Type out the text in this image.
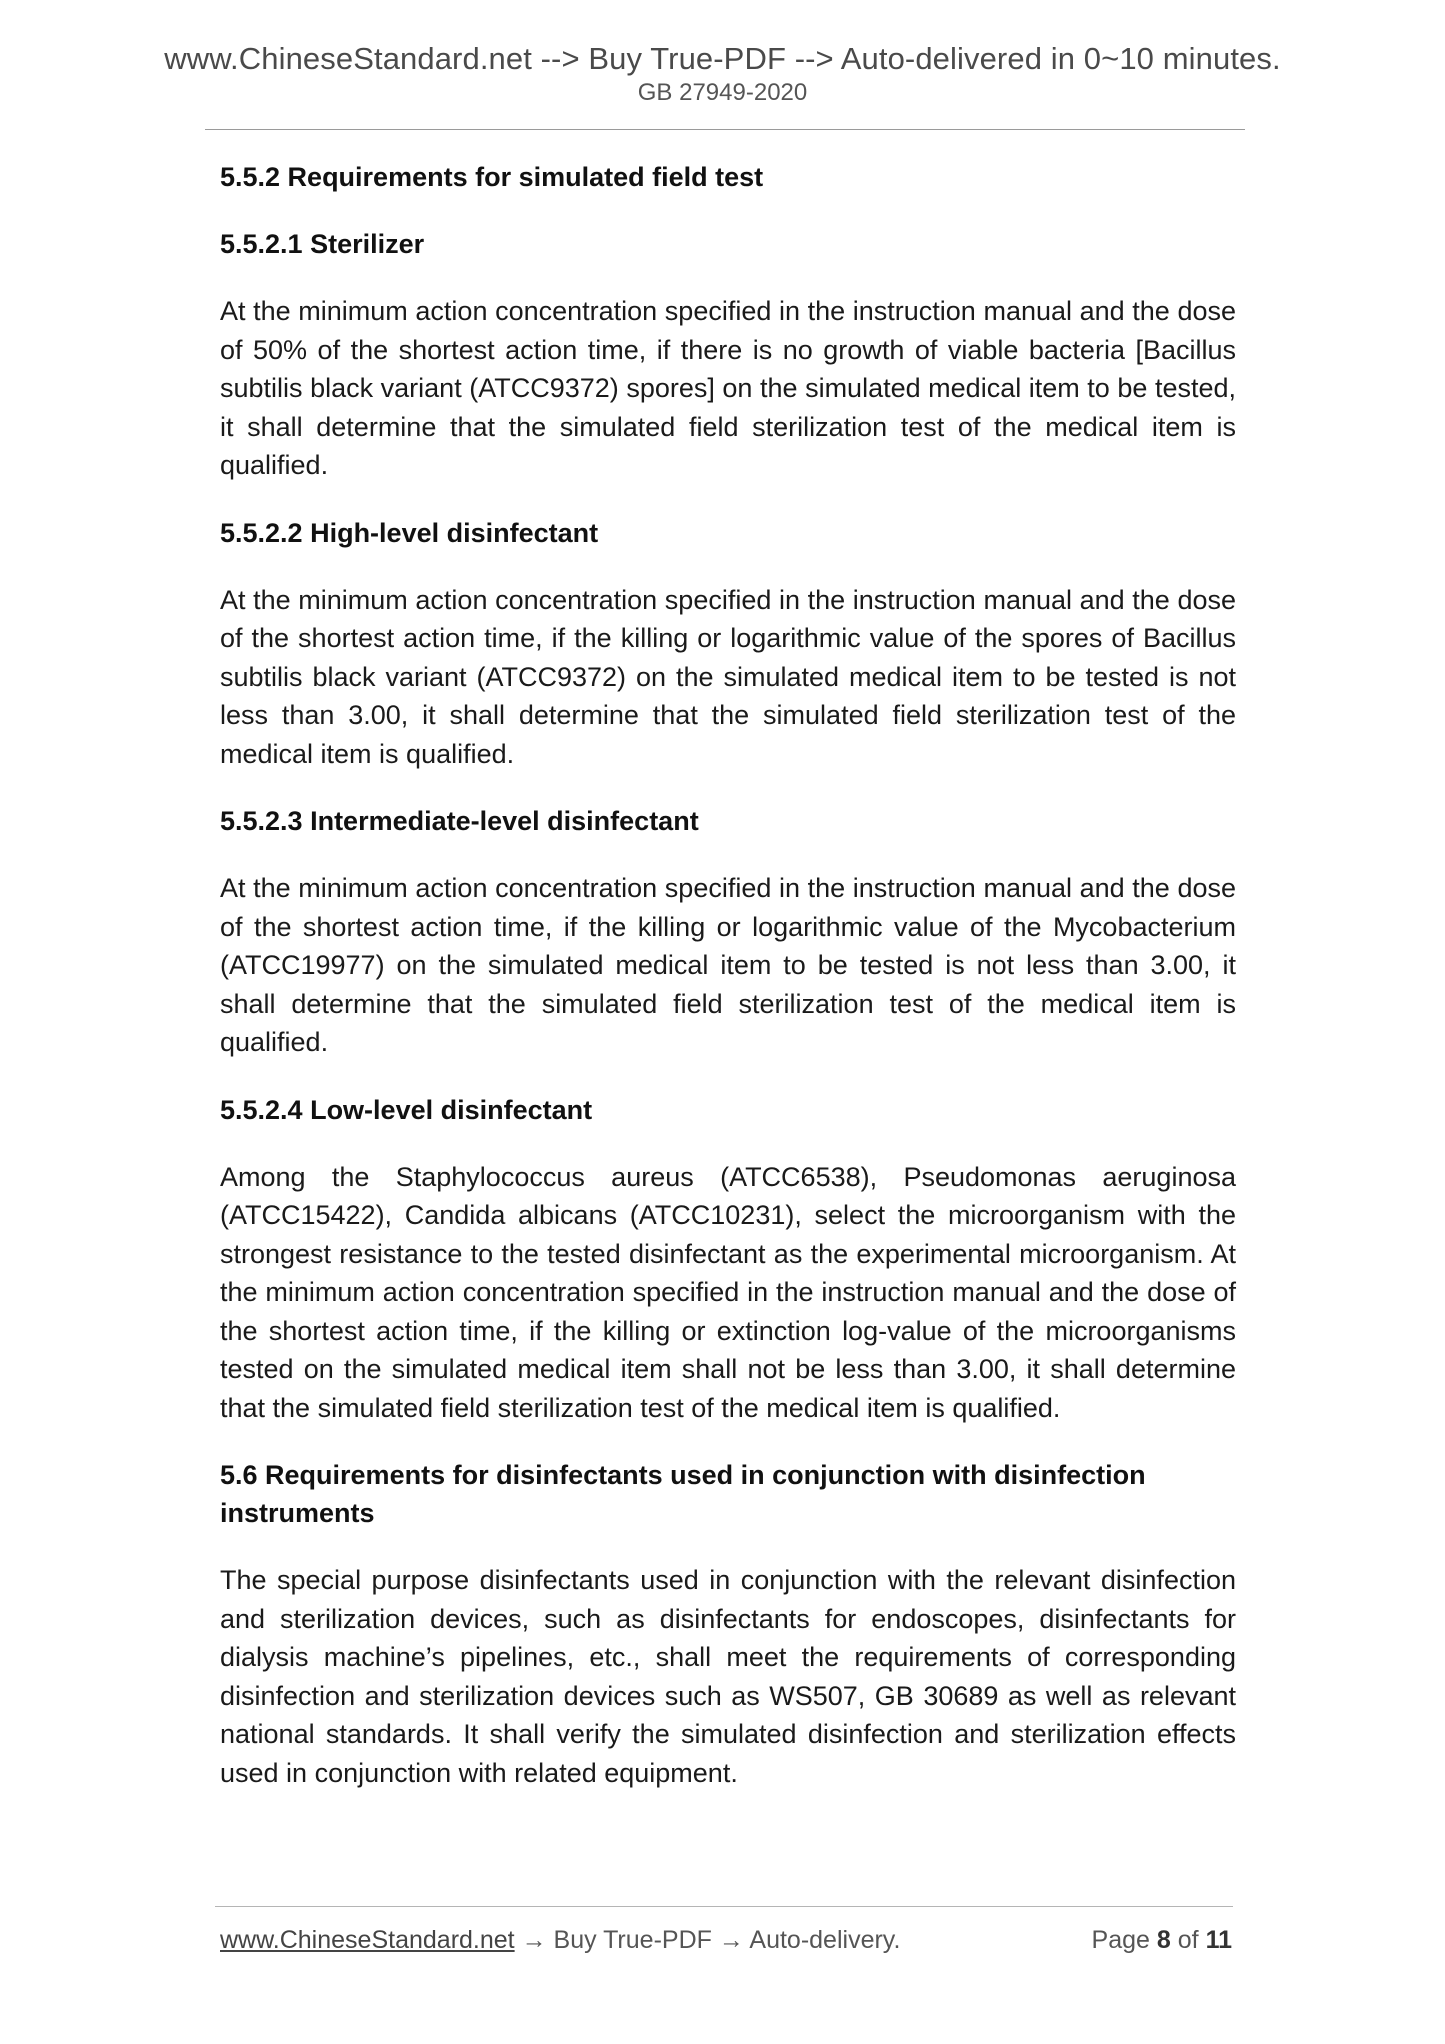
www.ChineseStandard.net --> Buy True-PDF --> Auto-delivered in 0~10 minutes.
GB 27949-2020
5.5.2 Requirements for simulated field test
5.5.2.1 Sterilizer

At the minimum action concentration specified in the instruction manual and the dose of 50% of the shortest action time, if there is no growth of viable bacteria [Bacillus subtilis black variant (ATCC9372) spores] on the simulated medical item to be tested, it shall determine that the simulated field sterilization test of the medical item is qualified.

5.5.2.2 High-level disinfectant

At the minimum action concentration specified in the instruction manual and the dose of the shortest action time, if the killing or logarithmic value of the spores of Bacillus subtilis black variant (ATCC9372) on the simulated medical item to be tested is not less than 3.00, it shall determine that the simulated field sterilization test of the medical item is qualified.

5.5.2.3 Intermediate-level disinfectant

At the minimum action concentration specified in the instruction manual and the dose of the shortest action time, if the killing or logarithmic value of the Mycobacterium (ATCC19977) on the simulated medical item to be tested is not less than 3.00, it shall determine that the simulated field sterilization test of the medical item is qualified.

5.5.2.4 Low-level disinfectant

Among the Staphylococcus aureus (ATCC6538), Pseudomonas aeruginosa (ATCC15422), Candida albicans (ATCC10231), select the microorganism with the strongest resistance to the tested disinfectant as the experimental microorganism. At the minimum action concentration specified in the instruction manual and the dose of the shortest action time, if the killing or extinction log-value of the microorganisms tested on the simulated medical item shall not be less than 3.00, it shall determine that the simulated field sterilization test of the medical item is qualified.

5.6 Requirements for disinfectants used in conjunction with disinfection instruments

The special purpose disinfectants used in conjunction with the relevant disinfection and sterilization devices, such as disinfectants for endoscopes, disinfectants for dialysis machine’s pipelines, etc., shall meet the requirements of corresponding disinfection and sterilization devices such as WS507, GB 30689 as well as relevant national standards. It shall verify the simulated disinfection and sterilization effects used in conjunction with related equipment.

www.ChineseStandard.net → Buy True-PDF → Auto-delivery.	Page 8 of 11
